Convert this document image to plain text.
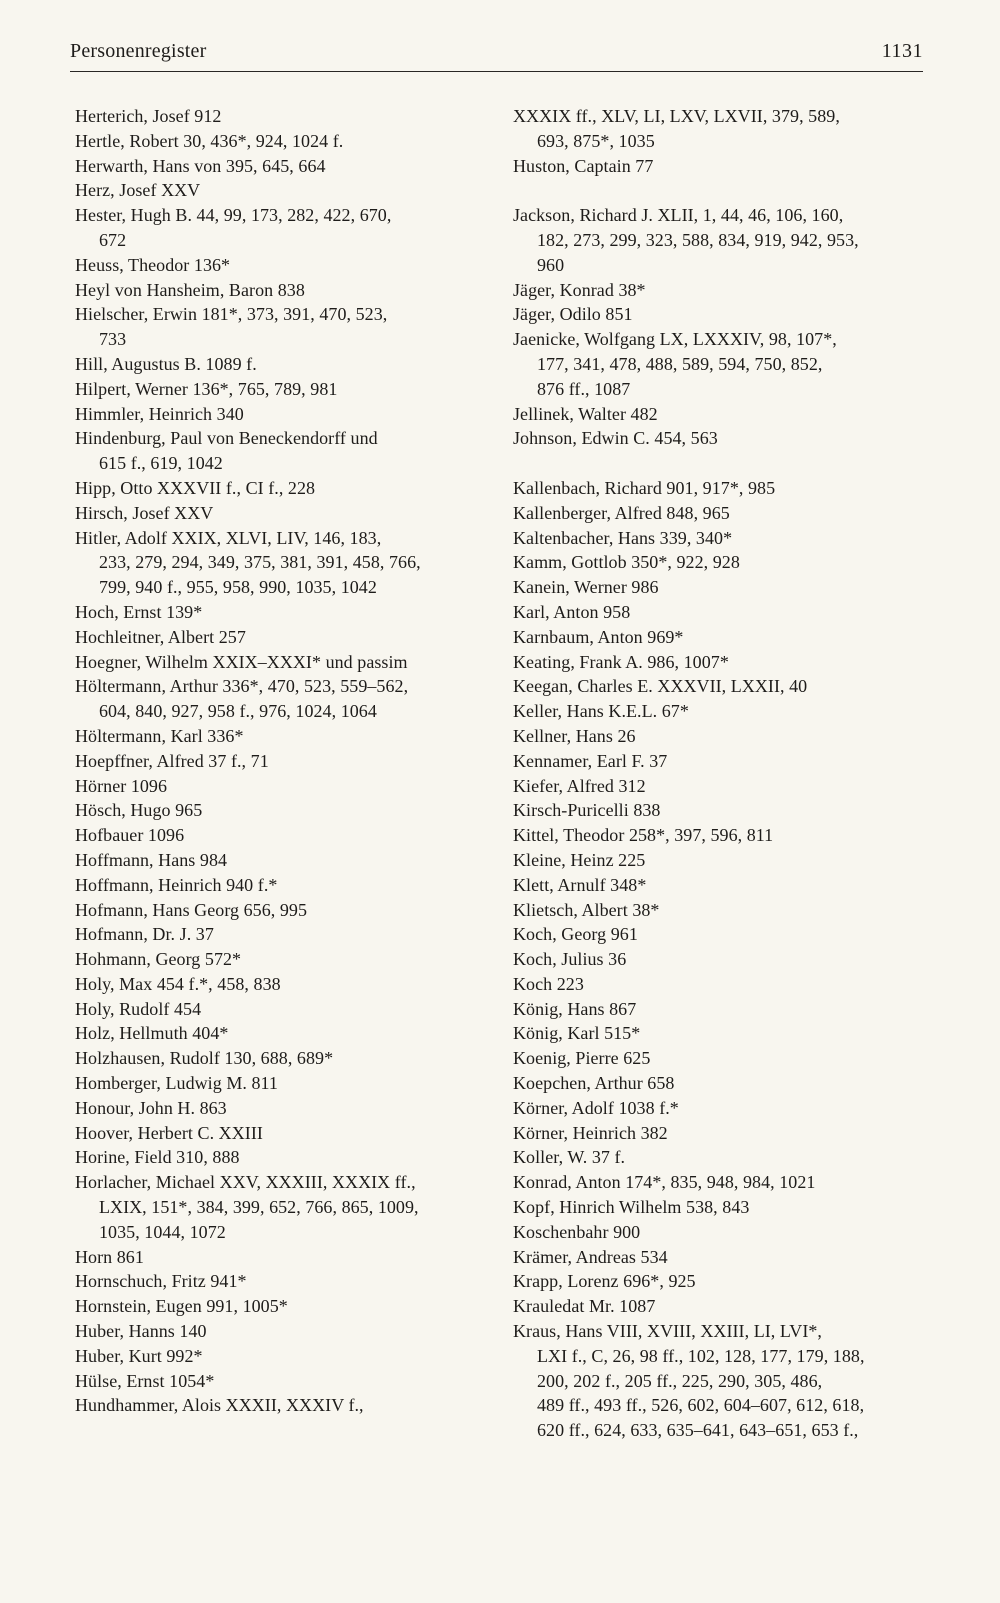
Personenregister	1131
Herterich, Josef 912
Hertle, Robert 30, 436*, 924, 1024 f.
Herwarth, Hans von 395, 645, 664
Herz, Josef XXV
Hester, Hugh B. 44, 99, 173, 282, 422, 670,
672
Heuss, Theodor 136*
Heyl von Hansheim, Baron 838
Hielscher, Erwin 181*, 373, 391, 470, 523,
733
Hill, Augustus B. 1089 f.
Hilpert, Werner 136*, 765, 789, 981
Himmler, Heinrich 340
Hindenburg, Paul von Beneckendorff und
615 f., 619, 1042
Hipp, Otto XXXVII f., CI f., 228
Hirsch, Josef XXV
Hitler, Adolf XXIX, XLVI, LIV, 146, 183,
233, 279, 294, 349, 375, 381, 391, 458, 766,
799, 940 f., 955, 958, 990, 1035, 1042
Hoch, Ernst 139*
Hochleitner, Albert 257
Hoegner, Wilhelm XXIX–XXXI* und passim
Höltermann, Arthur 336*, 470, 523, 559–562,
604, 840, 927, 958 f., 976, 1024, 1064
Höltermann, Karl 336*
Hoepffner, Alfred 37 f., 71
Hörner 1096
Hösch, Hugo 965
Hofbauer 1096
Hoffmann, Hans 984
Hoffmann, Heinrich 940 f.*
Hofmann, Hans Georg 656, 995
Hofmann, Dr. J. 37
Hohmann, Georg 572*
Holy, Max 454 f.*, 458, 838
Holy, Rudolf 454
Holz, Hellmuth 404*
Holzhausen, Rudolf 130, 688, 689*
Homberger, Ludwig M. 811
Honour, John H. 863
Hoover, Herbert C. XXIII
Horine, Field 310, 888
Horlacher, Michael XXV, XXXIII, XXXIX ff.,
LXIX, 151*, 384, 399, 652, 766, 865, 1009,
1035, 1044, 1072
Horn 861
Hornschuch, Fritz 941*
Hornstein, Eugen 991, 1005*
Huber, Hanns 140
Huber, Kurt 992*
Hülse, Ernst 1054*
Hundhammer, Alois XXXII, XXXIV f.,
XXXIX ff., XLV, LI, LXV, LXVII, 379, 589,
693, 875*, 1035
Huston, Captain 77
Jackson, Richard J. XLII, 1, 44, 46, 106, 160,
182, 273, 299, 323, 588, 834, 919, 942, 953,
960
Jäger, Konrad 38*
Jäger, Odilo 851
Jaenicke, Wolfgang LX, LXXXIV, 98, 107*,
177, 341, 478, 488, 589, 594, 750, 852,
876 ff., 1087
Jellinek, Walter 482
Johnson, Edwin C. 454, 563
Kallenbach, Richard 901, 917*, 985
Kallenberger, Alfred 848, 965
Kaltenbacher, Hans 339, 340*
Kamm, Gottlob 350*, 922, 928
Kanein, Werner 986
Karl, Anton 958
Karnbaum, Anton 969*
Keating, Frank A. 986, 1007*
Keegan, Charles E. XXXVII, LXXII, 40
Keller, Hans K.E.L. 67*
Kellner, Hans 26
Kennamer, Earl F. 37
Kiefer, Alfred 312
Kirsch-Puricelli 838
Kittel, Theodor 258*, 397, 596, 811
Kleine, Heinz 225
Klett, Arnulf 348*
Klietsch, Albert 38*
Koch, Georg 961
Koch, Julius 36
Koch 223
König, Hans 867
König, Karl 515*
Koenig, Pierre 625
Koepchen, Arthur 658
Körner, Adolf 1038 f.*
Körner, Heinrich 382
Koller, W. 37 f.
Konrad, Anton 174*, 835, 948, 984, 1021
Kopf, Hinrich Wilhelm 538, 843
Koschenbahr 900
Krämer, Andreas 534
Krapp, Lorenz 696*, 925
Krauledat Mr. 1087
Kraus, Hans VIII, XVIII, XXIII, LI, LVI*,
LXI f., C, 26, 98 ff., 102, 128, 177, 179, 188,
200, 202 f., 205 ff., 225, 290, 305, 486,
489 ff., 493 ff., 526, 602, 604–607, 612, 618,
620 ff., 624, 633, 635–641, 643–651, 653 f.,
